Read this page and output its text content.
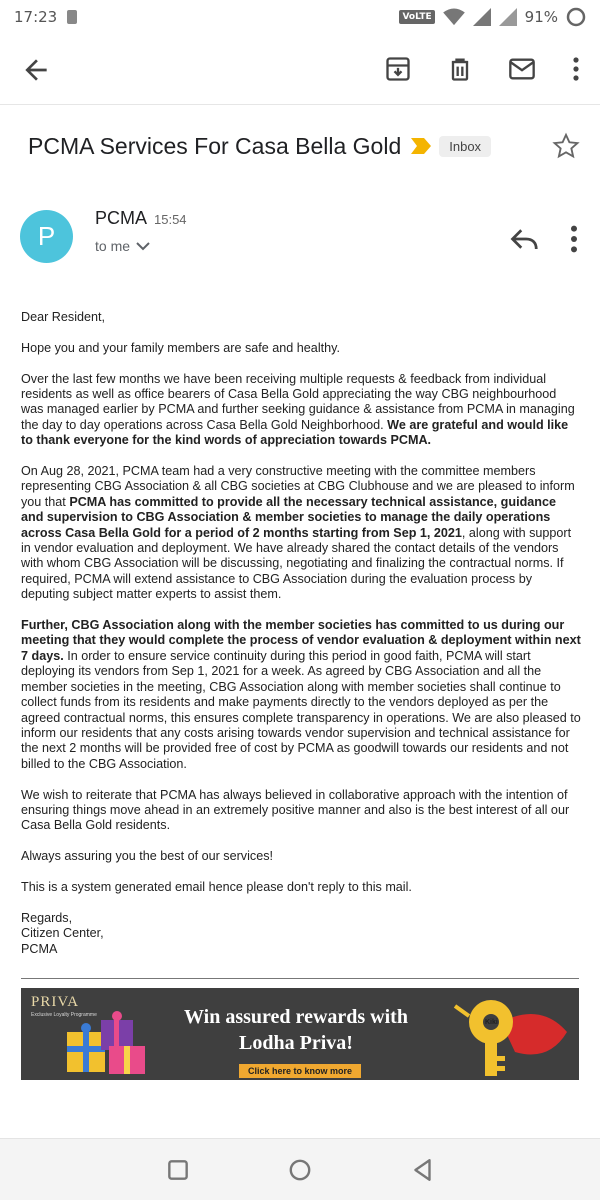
17:23	VoLTE	91%
PCMA Services For Casa Bella Gold	Inbox
P
PCMA 15:54
to me

Dear Resident,

Hope you and your family members are safe and healthy.

Over the last few months we have been receiving multiple requests & feedback from individual residents as well as office bearers of Casa Bella Gold appreciating the way CBG neighbourhood was managed earlier by PCMA and further seeking guidance & assistance from PCMA in managing the day to day operations across Casa Bella Gold Neighborhood. We are grateful and would like to thank everyone for the kind words of appreciation towards PCMA.

On Aug 28, 2021, PCMA team had a very constructive meeting with the committee members representing CBG Association & all CBG societies at CBG Clubhouse and we are pleased to inform you that PCMA has committed to provide all the necessary technical assistance, guidance and supervision to CBG Association & member societies to manage the daily operations across Casa Bella Gold for a period of 2 months starting from Sep 1, 2021, along with support in vendor evaluation and deployment. We have already shared the contact details of the vendors with whom CBG Association will be discussing, negotiating and finalizing the contractual norms. If required, PCMA will extend assistance to CBG Association during the evaluation process by deputing subject matter experts to assist them.

Further, CBG Association along with the member societies has committed to us during our meeting that they would complete the process of vendor evaluation & deployment within next 7 days. In order to ensure service continuity during this period in good faith, PCMA will start deploying its vendors from Sep 1, 2021 for a week. As agreed by CBG Association and all the member societies in the meeting, CBG Association along with member societies shall continue to collect funds from its residents and make payments directly to the vendors deployed as per the agreed contractual norms, this ensures complete transparency in operations. We are also pleased to inform our residents that any costs arising towards vendor supervision and technical assistance for the next 2 months will be provided free of cost by PCMA as goodwill towards our residents and not billed to the CBG Association.

We wish to reiterate that PCMA has always believed in collaborative approach with the intention of ensuring things move ahead in an extremely positive manner and also is the best interest of all our Casa Bella Gold residents.

Always assuring you the best of our services!

This is a system generated email hence please don't reply to this mail.

Regards,
Citizen Center,
PCMA

PRIVA
Exclusive Loyalty Programme	Win assured rewards with
Lodha Priva!
Click here to know more
Kiki
